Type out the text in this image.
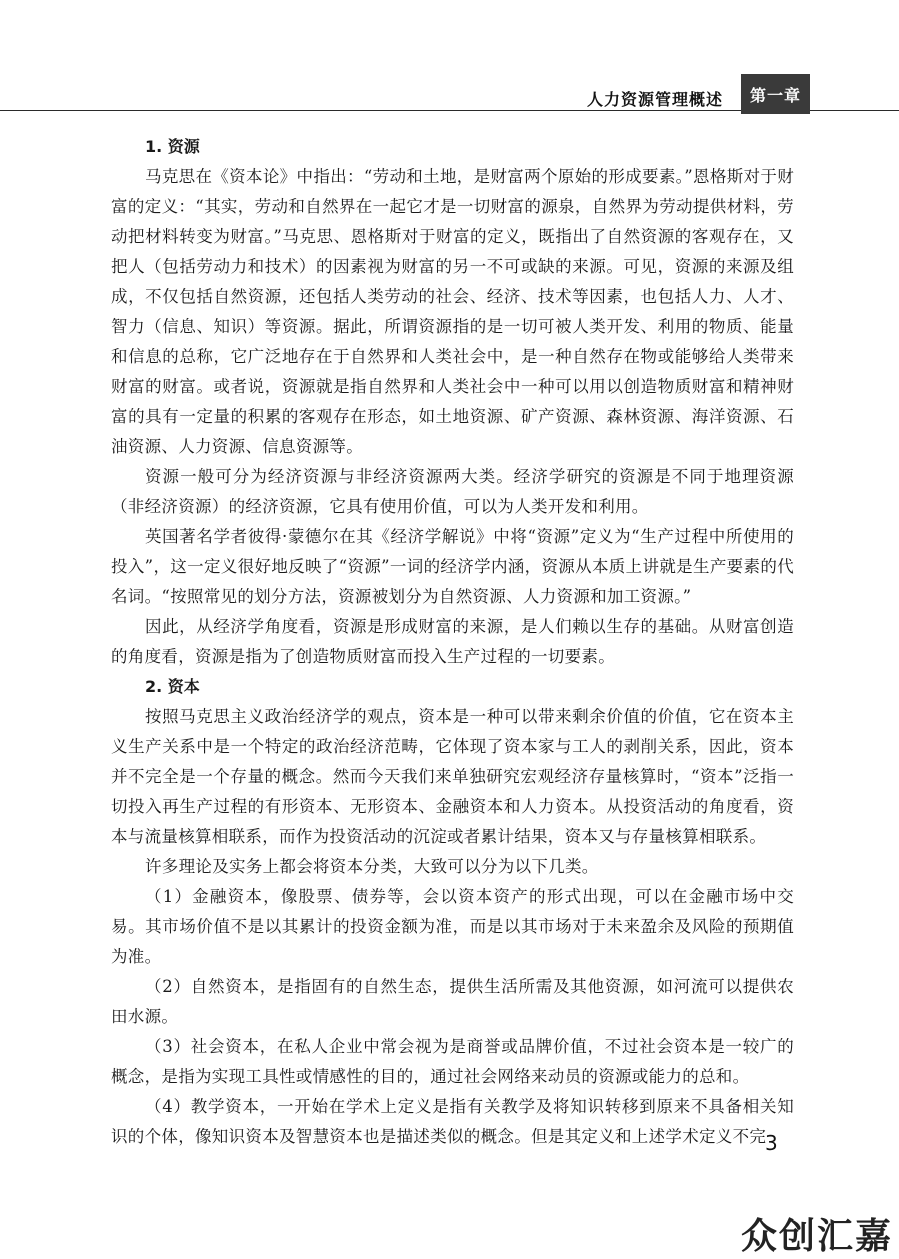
人力资源管理概述	第一章

1. 资源

马克思在《资本论》中指出：“劳动和土地，是财富两个原始的形成要素。”恩格斯对于财富的定义：“其实，劳动和自然界在一起它才是一切财富的源泉，自然界为劳动提供材料，劳动把材料转变为财富。”马克思、恩格斯对于财富的定义，既指出了自然资源的客观存在，又把人（包括劳动力和技术）的因素视为财富的另一不可或缺的来源。可见，资源的来源及组成，不仅包括自然资源，还包括人类劳动的社会、经济、技术等因素，也包括人力、人才、智力（信息、知识）等资源。据此，所谓资源指的是一切可被人类开发、利用的物质、能量和信息的总称，它广泛地存在于自然界和人类社会中，是一种自然存在物或能够给人类带来财富的财富。或者说，资源就是指自然界和人类社会中一种可以用以创造物质财富和精神财富的具有一定量的积累的客观存在形态，如土地资源、矿产资源、森林资源、海洋资源、石油资源、人力资源、信息资源等。

资源一般可分为经济资源与非经济资源两大类。经济学研究的资源是不同于地理资源（非经济资源）的经济资源，它具有使用价值，可以为人类开发和利用。

英国著名学者彼得·蒙德尔在其《经济学解说》中将“资源”定义为“生产过程中所使用的投入”，这一定义很好地反映了“资源”一词的经济学内涵，资源从本质上讲就是生产要素的代名词。“按照常见的划分方法，资源被划分为自然资源、人力资源和加工资源。”

因此，从经济学角度看，资源是形成财富的来源，是人们赖以生存的基础。从财富创造的角度看，资源是指为了创造物质财富而投入生产过程的一切要素。

2. 资本

按照马克思主义政治经济学的观点，资本是一种可以带来剩余价值的价值，它在资本主义生产关系中是一个特定的政治经济范畴，它体现了资本家与工人的剥削关系，因此，资本并不完全是一个存量的概念。然而今天我们来单独研究宏观经济存量核算时，“资本”泛指一切投入再生产过程的有形资本、无形资本、金融资本和人力资本。从投资活动的角度看，资本与流量核算相联系，而作为投资活动的沉淀或者累计结果，资本又与存量核算相联系。

许多理论及实务上都会将资本分类，大致可以分为以下几类。

（1）金融资本，像股票、债券等，会以资本资产的形式出现，可以在金融市场中交易。其市场价值不是以其累计的投资金额为准，而是以其市场对于未来盈余及风险的预期值为准。

（2）自然资本，是指固有的自然生态，提供生活所需及其他资源，如河流可以提供农田水源。

（3）社会资本，在私人企业中常会视为是商誉或品牌价值，不过社会资本是一较广的概念，是指为实现工具性或情感性的目的，通过社会网络来动员的资源或能力的总和。

（4）教学资本，一开始在学术上定义是指有关教学及将知识转移到原来不具备相关知识的个体，像知识资本及智慧资本也是描述类似的概念。但是其定义和上述学术定义不完

3
众创汇嘉
